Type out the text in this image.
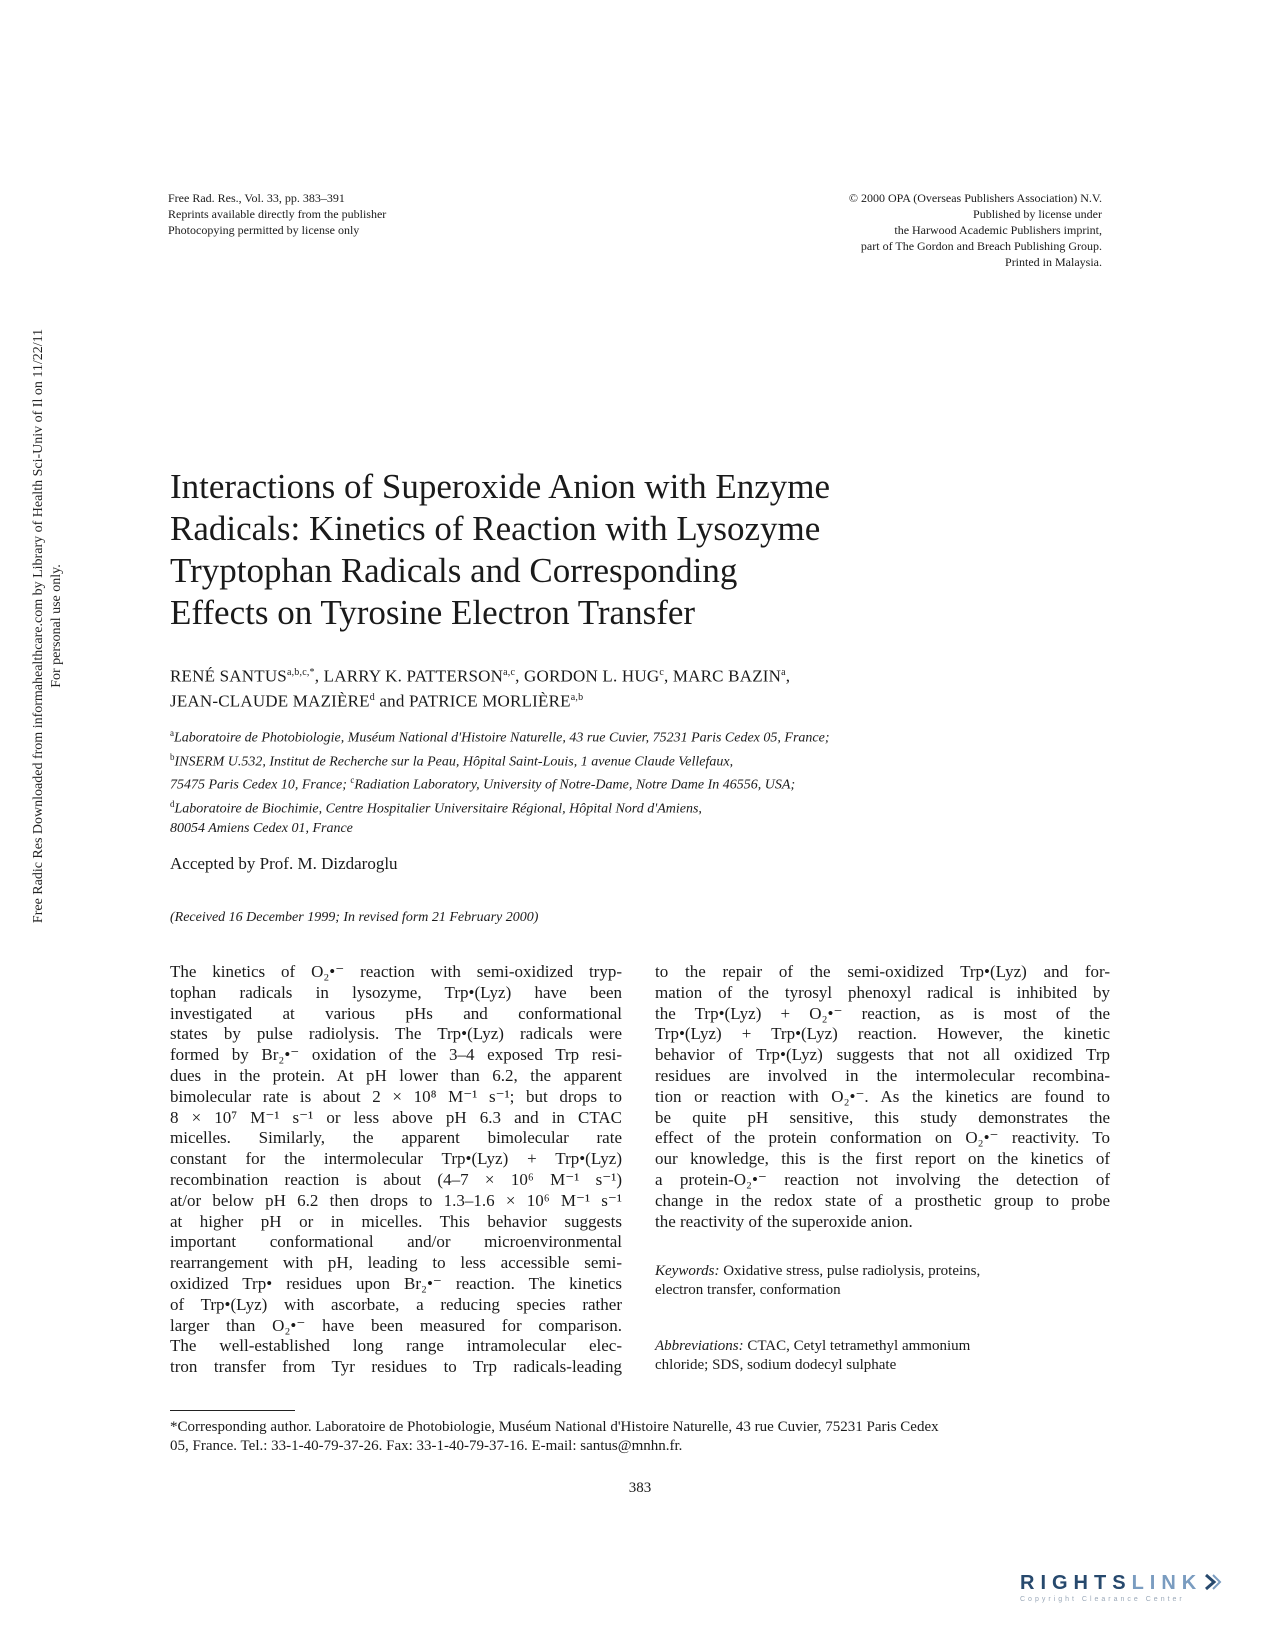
Free Rad. Res., Vol. 33, pp. 383–391
Reprints available directly from the publisher
Photocopying permitted by license only
© 2000 OPA (Overseas Publishers Association) N.V.
Published by license under
the Harwood Academic Publishers imprint,
part of The Gordon and Breach Publishing Group.
Printed in Malaysia.
Free Radic Res Downloaded from informahealthcare.com by Library of Health Sci-Univ of Il on 11/22/11 For personal use only.
Interactions of Superoxide Anion with Enzyme
Radicals: Kinetics of Reaction with Lysozyme
Tryptophan Radicals and Corresponding
Effects on Tyrosine Electron Transfer
RENÉ $SANTUS^{a,b,c,*}$, LARRY K. PATTERSON$^{a,c}$, GORDON L. HUG$^c$, MARC BAZIN$^a$,
JEAN-CLAUDE MAZIÈRE$^d$ and PATRICE MORLIÈRE$^{a,b}$
$^a$Laboratoire de Photobiologie, Muséum National d'Histoire Naturelle, 43 rue Cuvier, 75231 Paris Cedex 05, France;
$^b$INSERM U.532, Institut de Recherche sur la Peau, Hôpital Saint-Louis, 1 avenue Claude Vellefaux,
75475 Paris Cedex 10, France; $^c$Radiation Laboratory, University of Notre-Dame, Notre Dame In 46556, USA;
$^d$Laboratoire de Biochimie, Centre Hospitalier Universitaire Régional, Hôpital Nord d'Amiens,
80054 Amiens Cedex 01, France
Accepted by Prof. M. Dizdaroglu
(Received 16 December 1999; In revised form 21 February 2000)
The kinetics of O₂•⁻ reaction with semi-oxidized tryp-
tophan radicals in lysozyme, Trp•(Lyz) have been
investigated at various pHs and conformational
states by pulse radiolysis. The Trp•(Lyz) radicals were
formed by Br₂•⁻ oxidation of the 3–4 exposed Trp resi-
dues in the protein. At pH lower than 6.2, the apparent
bimolecular rate is about 2 × 10⁸ M⁻¹ s⁻¹; but drops to
8 × 10⁷ M⁻¹ s⁻¹ or less above pH 6.3 and in CTAC
micelles. Similarly, the apparent bimolecular rate
constant for the intermolecular Trp•(Lyz) + Trp•(Lyz)
recombination reaction is about (4–7 × 10⁶ M⁻¹ s⁻¹)
at/or below pH 6.2 then drops to 1.3–1.6 × 10⁶ M⁻¹ s⁻¹
at higher pH or in micelles. This behavior suggests
important conformational and/or microenvironmental
rearrangement with pH, leading to less accessible semi-
oxidized Trp• residues upon Br₂•⁻ reaction. The kinetics
of Trp•(Lyz) with ascorbate, a reducing species rather
larger than O₂•⁻ have been measured for comparison.
The well-established long range intramolecular elec-
tron transfer from Tyr residues to Trp radicals-leading
to the repair of the semi-oxidized Trp•(Lyz) and for-
mation of the tyrosyl phenoxyl radical is inhibited by
the Trp•(Lyz) + O₂•⁻ reaction, as is most of the
Trp•(Lyz) + Trp•(Lyz) reaction. However, the kinetic
behavior of Trp•(Lyz) suggests that not all oxidized Trp
residues are involved in the intermolecular recombina-
tion or reaction with O₂•⁻. As the kinetics are found to
be quite pH sensitive, this study demonstrates the
effect of the protein conformation on O₂•⁻ reactivity. To
our knowledge, this is the first report on the kinetics of
a protein-O₂•⁻ reaction not involving the detection of
change in the redox state of a prosthetic group to probe
the reactivity of the superoxide anion.
Keywords: Oxidative stress, pulse radiolysis, proteins,
electron transfer, conformation
Abbreviations: CTAC, Cetyl tetramethyl ammonium
chloride; SDS, sodium dodecyl sulphate
*Corresponding author. Laboratoire de Photobiologie, Muséum National d'Histoire Naturelle, 43 rue Cuvier, 75231 Paris Cedex
05, France. Tel.: 33-1-40-79-37-26. Fax: 33-1-40-79-37-16. E-mail: santus@mnhn.fr.
383
RIGHTSLINK
Copyright Clearance Center
